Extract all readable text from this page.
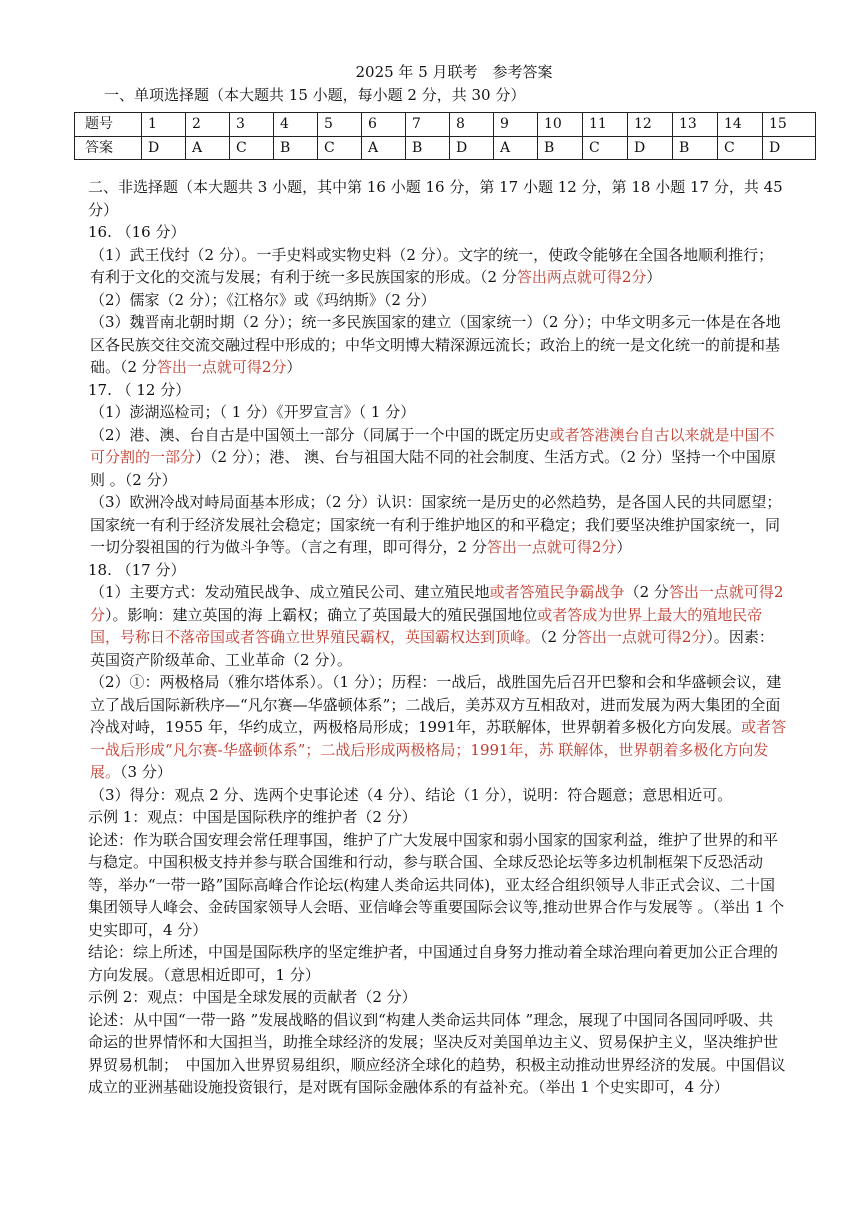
2025 年 5 月联考　参考答案
一、单项选择题（本大题共 15 小题，每小题 2 分，共 30 分）
题号	1	2	3	4	5	6	7	8	9	10	11	12	13	14	15
答案	D	A	C	B	C	A	B	D	A	B	C	D	B	C	D

二、非选择题（本大题共 3 小题，其中第 16 小题 16 分，第 17 小题 12 分，第 18 小题 17 分，共 45 分）

16. （16 分）

（1）武王伐纣（2 分）。一手史料或实物史料（2 分）。文字的统一，使政令能够在全国各地顺利推行；有利于文化的交流与发展；有利于统一多民族国家的形成。（2 分答出两点就可得2分）

（2）儒家（2 分）；《江格尔》或《玛纳斯》（2 分）

（3）魏晋南北朝时期（2 分）；统一多民族国家的建立（国家统一）（2 分）；中华文明多元一体是在各地区各民族交往交流交融过程中形成的；中华文明博大精深源远流长；政治上的统一是文化统一的前提和基础。（2 分答出一点就可得2分）

17. （ 12 分）

（1）澎湖巡检司；（ 1 分）《开罗宣言》（ 1 分）

（2）港、澳、台自古是中国领土一部分（同属于一个中国的既定历史或者答港澳台自古以来就是中国不可分割的一部分）（2 分）；港、 澳、台与祖国大陆不同的社会制度、生活方式。（2 分）坚持一个中国原则 。（2 分）

（3）欧洲冷战对峙局面基本形成；（2 分）认识：国家统一是历史的必然趋势，是各国人民的共同愿望；国家统一有利于经济发展社会稳定；国家统一有利于维护地区的和平稳定；我们要坚决维护国家统一，同一切分裂祖国的行为做斗争等。（言之有理，即可得分，2 分答出一点就可得2分）

18. （17 分）

（1）主要方式：发动殖民战争、成立殖民公司、建立殖民地或者答殖民争霸战争（2 分答出一点就可得2分）。影响：建立英国的海 上霸权；确立了英国最大的殖民强国地位或者答成为世界上最大的殖地民帝国，号称日不落帝国或者答确立世界殖民霸权，英国霸权达到顶峰。（2 分答出一点就可得2分）。因素：英国资产阶级革命、工业革命（2 分）。

（2）①：两极格局（雅尔塔体系）。（1 分）；历程：一战后，战胜国先后召开巴黎和会和华盛顿会议，建立了战后国际新秩序—“凡尔赛—华盛顿体系”；二战后，美苏双方互相敌对，进而发展为两大集团的全面冷战对峙，1955 年，华约成立，两极格局形成；1991年，苏联解体，世界朝着多极化方向发展。或者答一战后形成“凡尔赛-华盛顿体系”；二战后形成两极格局；1991年，苏 联解体，世界朝着多极化方向发展。（3 分）

（3）得分：观点 2 分、选两个史事论述（4 分）、结论（1 分），说明：符合题意；意思相近可。

示例 1：观点：中国是国际秩序的维护者（2 分）

论述：作为联合国安理会常任理事国，维护了广大发展中国家和弱小国家的国家利益，维护了世界的和平与稳定。中国积极支持并参与联合国维和行动，参与联合国、全球反恐论坛等多边机制框架下反恐活动等，举办“一带一路”国际高峰合作论坛(构建人类命运共同体)，亚太经合组织领导人非正式会议、二十国集团领导人峰会、金砖国家领导人会晤、亚信峰会等重要国际会议等,推动世界合作与发展等 。（举出 1 个史实即可，4 分）

结论：综上所述，中国是国际秩序的坚定维护者，中国通过自身努力推动着全球治理向着更加公正合理的方向发展。（意思相近即可，1 分）

示例 2：观点：中国是全球发展的贡献者（2 分）

论述：从中国“一带一路 ”发展战略的倡议到“构建人类命运共同体 ”理念，展现了中国同各国同呼吸、共命运的世界情怀和大国担当，助推全球经济的发展；坚决反对美国单边主义、贸易保护主义，坚决维护世界贸易机制；　中国加入世界贸易组织，顺应经济全球化的趋势，积极主动推动世界经济的发展。中国倡议成立的亚洲基础设施投资银行，是对既有国际金融体系的有益补充。（举出 1 个史实即可，4 分）
